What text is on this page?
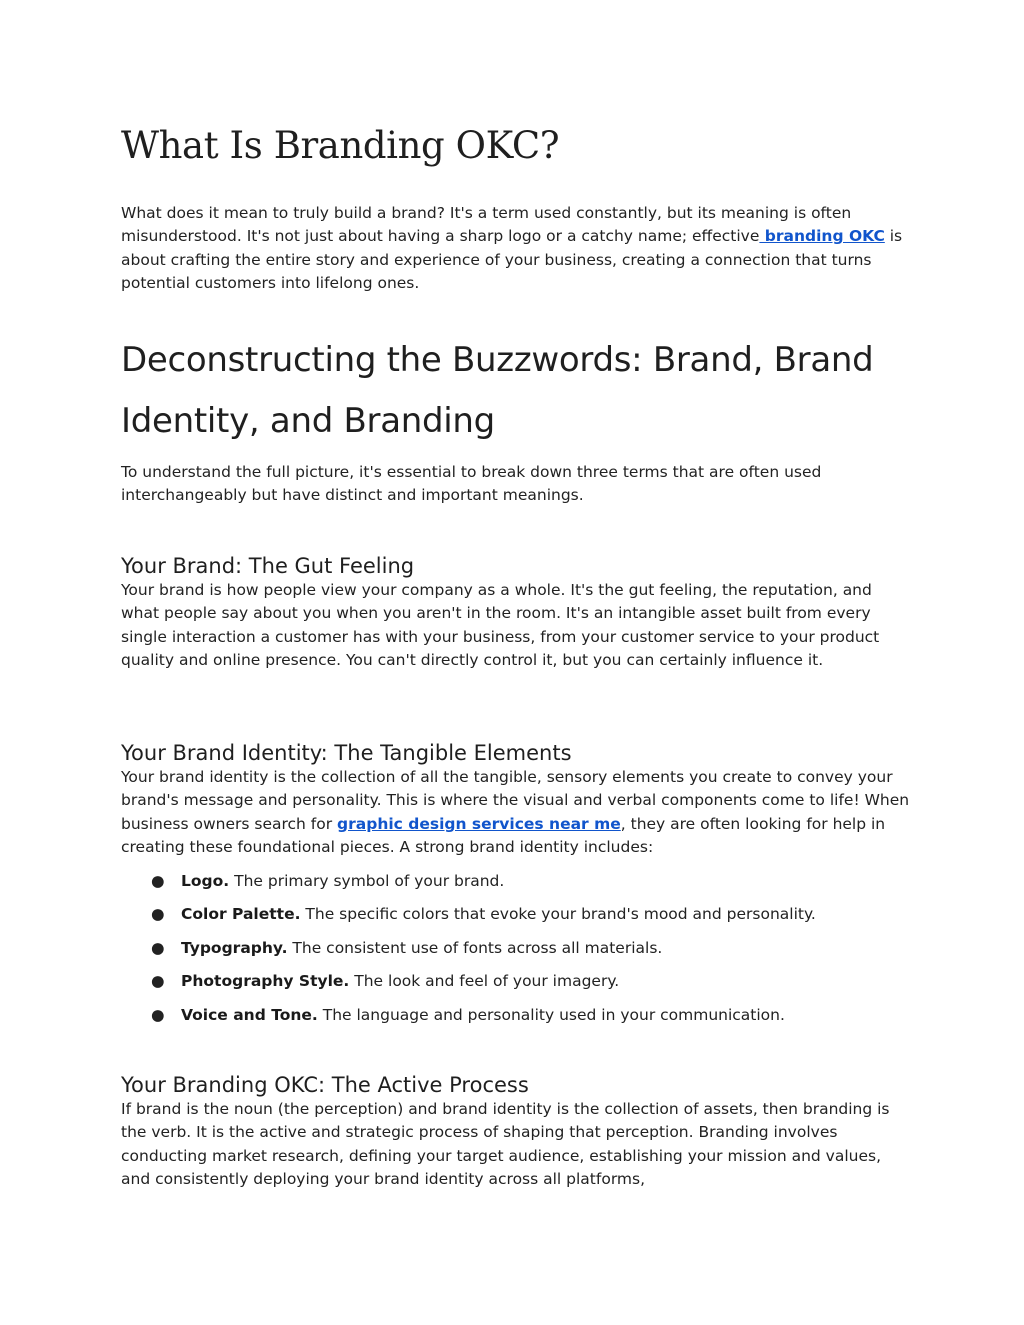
What Is Branding OKC?

What does it mean to truly build a brand? It's a term used constantly, but its meaning is often misunderstood. It's not just about having a sharp logo or a catchy name; effective branding OKC is about crafting the entire story and experience of your business, creating a connection that turns potential customers into lifelong ones.

Deconstructing the Buzzwords: Brand, Brand Identity, and Branding

To understand the full picture, it's essential to break down three terms that are often used interchangeably but have distinct and important meanings.

Your Brand: The Gut Feeling

Your brand is how people view your company as a whole. It's the gut feeling, the reputation, and what people say about you when you aren't in the room. It's an intangible asset built from every single interaction a customer has with your business, from your customer service to your product quality and online presence. You can't directly control it, but you can certainly influence it.

Your Brand Identity: The Tangible Elements

Your brand identity is the collection of all the tangible, sensory elements you create to convey your brand's message and personality. This is where the visual and verbal components come to life! When business owners search for graphic design services near me, they are often looking for help in creating these foundational pieces. A strong brand identity includes:

● Logo. The primary symbol of your brand.
● Color Palette. The specific colors that evoke your brand's mood and personality.
● Typography. The consistent use of fonts across all materials.
● Photography Style. The look and feel of your imagery.
● Voice and Tone. The language and personality used in your communication.
Your Branding OKC: The Active Process

If brand is the noun (the perception) and brand identity is the collection of assets, then branding is the verb. It is the active and strategic process of shaping that perception. Branding involves conducting market research, defining your target audience, establishing your mission and values, and consistently deploying your brand identity across all platforms,
